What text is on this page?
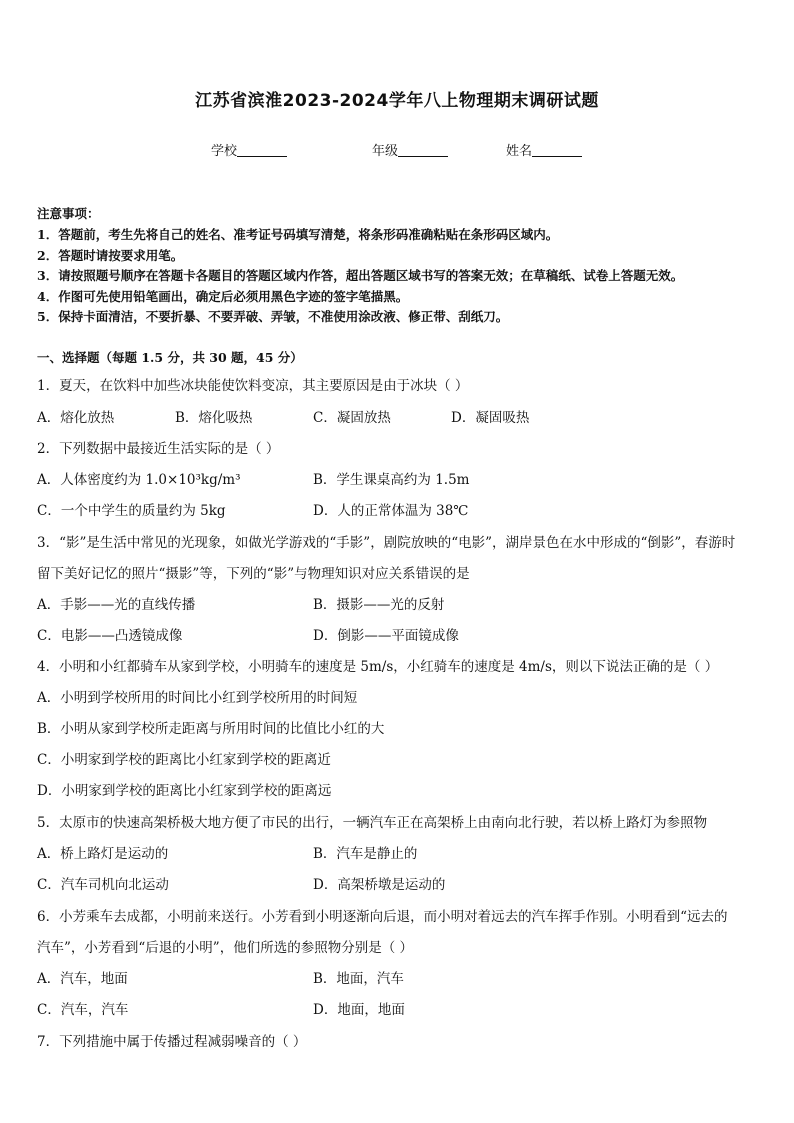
江苏省滨淮2023-2024学年八上物理期末调研试题
学校	年级	姓名
注意事项：
1．答题前，考生先将自己的姓名、准考证号码填写清楚，将条形码准确粘贴在条形码区域内。
2．答题时请按要求用笔。
3．请按照题号顺序在答题卡各题目的答题区域内作答，超出答题区域书写的答案无效；在草稿纸、试卷上答题无效。
4．作图可先使用铅笔画出，确定后必须用黑色字迹的签字笔描黑。
5．保持卡面清洁，不要折暴、不要弄破、弄皱，不准使用涂改液、修正带、刮纸刀。
一、选择题（每题 1.5 分，共 30 题，45 分）
1．夏天，在饮料中加些冰块能使饮料变凉，其主要原因是由于冰块（ ）
A．熔化放热	B．熔化吸热	C．凝固放热	D．凝固吸热
2．下列数据中最接近生活实际的是（ ）
A．人体密度约为 1.0×10³kg/m³	B．学生课桌高约为 1.5m
C．一个中学生的质量约为 5kg	D．人的正常体温为 38℃
3．“影”是生活中常见的光现象，如做光学游戏的“手影”，剧院放映的“电影”，湖岸景色在水中形成的“倒影”，春游时
留下美好记忆的照片“摄影”等，下列的“影”与物理知识对应关系错误的是
A．手影——光的直线传播	B．摄影——光的反射
C．电影——凸透镜成像	D．倒影——平面镜成像
4．小明和小红都骑车从家到学校，小明骑车的速度是 5m/s，小红骑车的速度是 4m/s，则以下说法正确的是（ ）
A．小明到学校所用的时间比小红到学校所用的时间短
B．小明从家到学校所走距离与所用时间的比值比小红的大
C．小明家到学校的距离比小红家到学校的距离近
D．小明家到学校的距离比小红家到学校的距离远
5．太原市的快速高架桥极大地方便了市民的出行，一辆汽车正在高架桥上由南向北行驶，若以桥上路灯为参照物
A．桥上路灯是运动的	B．汽车是静止的
C．汽车司机向北运动	D．高架桥墩是运动的
6．小芳乘车去成都，小明前来送行。小芳看到小明逐渐向后退，而小明对着远去的汽车挥手作别。小明看到“远去的
汽车”，小芳看到“后退的小明”，他们所选的参照物分别是（ ）
A．汽车，地面	B．地面，汽车
C．汽车，汽车	D．地面，地面
7．下列措施中属于传播过程减弱噪音的（ ）
